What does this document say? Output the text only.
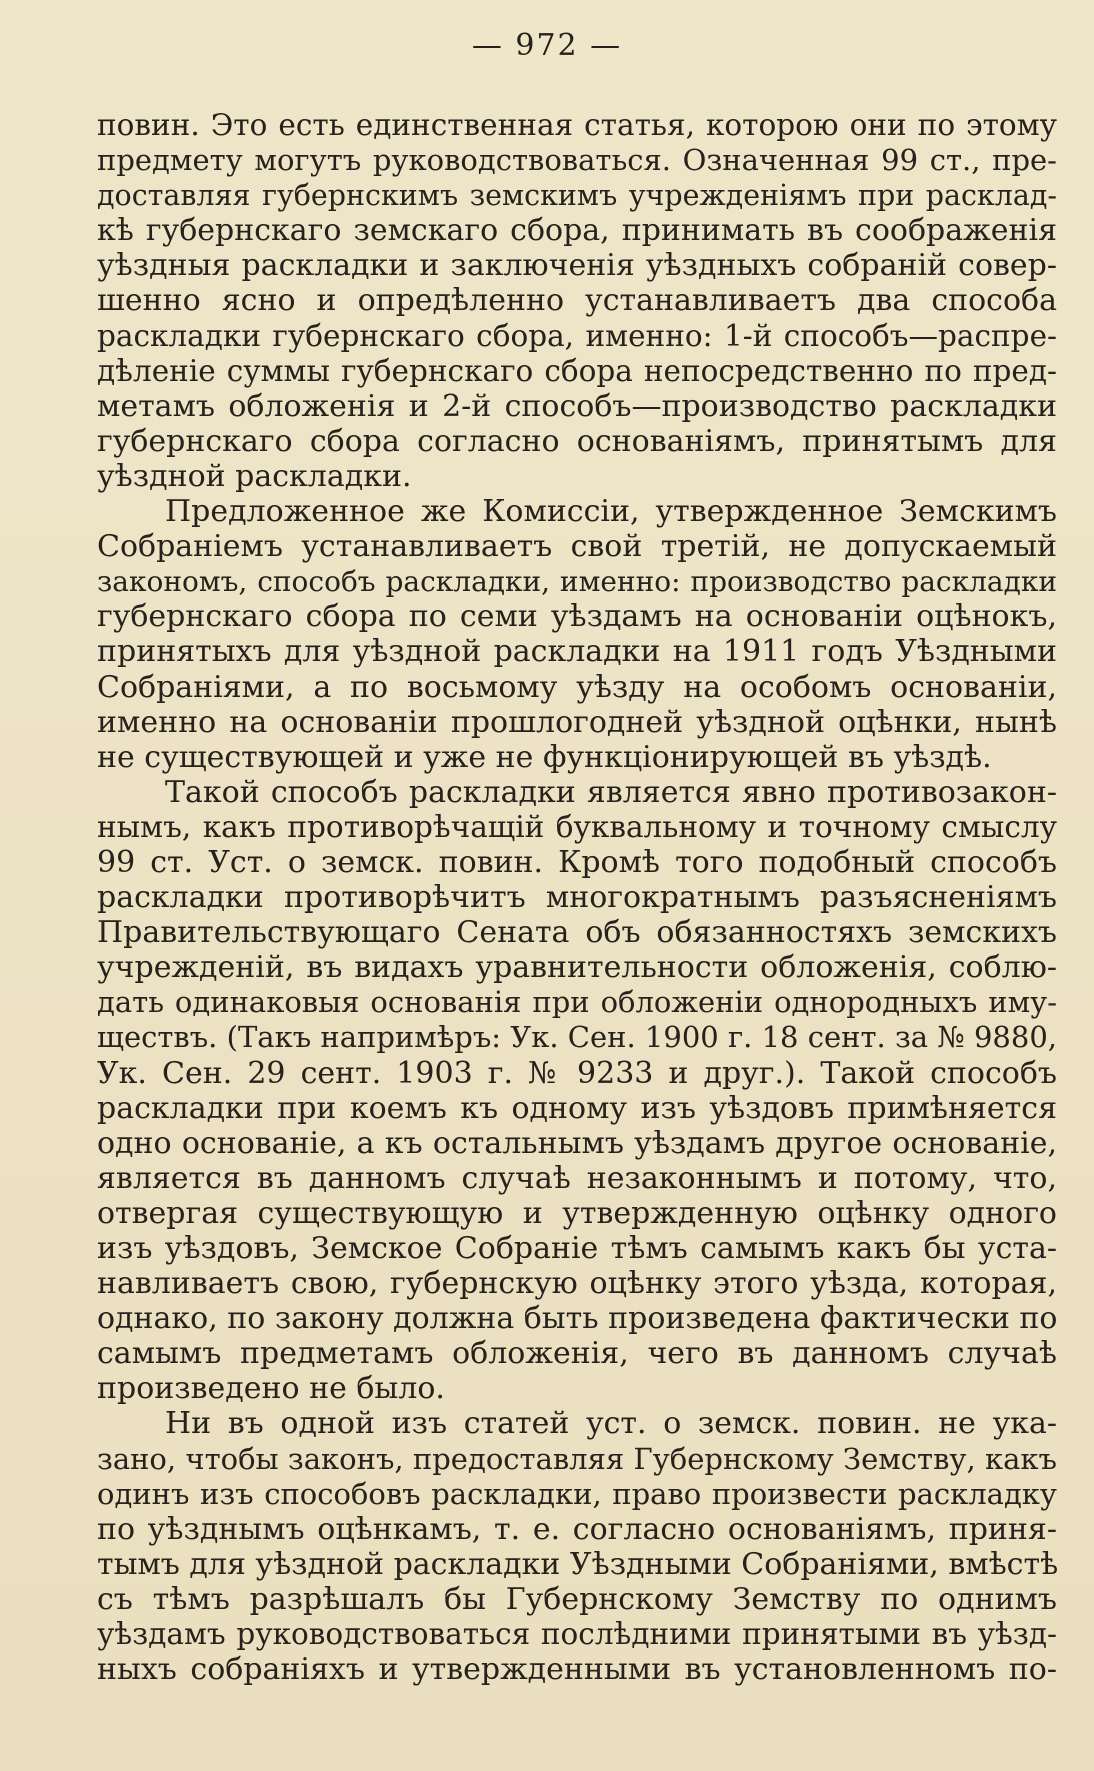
— 972 —
повин. Это есть единственная статья, которою они по этому
предмету могутъ руководствоваться. Означенная 99 ст., пре-
доставляя губернскимъ земскимъ учрежденiямъ при расклад-
кѣ губернскаго земскаго сбора, принимать въ соображенiя
уѣздныя раскладки и заключенiя уѣздныхъ собранiй совер-
шенно ясно и опредѣленно устанавливаетъ два способа
раскладки губернскаго сбора, именно: 1-й способъ—распре-
дѣленiе суммы губернскаго сбора непосредственно по пред-
метамъ обложенiя и 2-й способъ—производство раскладки
губернскаго сбора согласно основанiямъ, принятымъ для
уѣздной раскладки.
Предложенное же Комиссiи, утвержденное Земскимъ
Собранiемъ устанавливаетъ свой третiй, не допускаемый
закономъ, способъ раскладки, именно: производство раскладки
губернскаго сбора по семи уѣздамъ на основанiи оцѣнокъ,
принятыхъ для уѣздной раскладки на 1911 годъ Уѣздными
Собранiями, а по восьмому уѣзду на особомъ основанiи,
именно на основанiи прошлогодней уѣздной оцѣнки, нынѣ
не существующей и уже не функцiонирующей въ уѣздѣ.
Такой способъ раскладки является явно противозакон-
нымъ, какъ противорѣчащiй буквальному и точному смыслу
99 ст. Уст. о земск. повин. Кромѣ того подобный способъ
раскладки противорѣчитъ многократнымъ разъясненiямъ
Правительствующаго Сената объ обязанностяхъ земскихъ
учрежденiй, въ видахъ уравнительности обложенiя, соблю-
дать одинаковыя основанiя при обложенiи однородныхъ иму-
ществъ. (Такъ напримѣръ: Ук. Сен. 1900 г. 18 сент. за № 9880,
Ук. Сен. 29 сент. 1903 г. № 9233 и друг.). Такой способъ
раскладки при коемъ къ одному изъ уѣздовъ примѣняется
одно основанiе, а къ остальнымъ уѣздамъ другое основанiе,
является въ данномъ случаѣ незаконнымъ и потому, что,
отвергая существующую и утвержденную оцѣнку одного
изъ уѣздовъ, Земское Собранiе тѣмъ самымъ какъ бы уста-
навливаетъ свою, губернскую оцѣнку этого уѣзда, которая,
однако, по закону должна быть произведена фактически по
самымъ предметамъ обложенiя, чего въ данномъ случаѣ
произведено не было.
Ни въ одной изъ статей уст. о земск. повин. не ука-
зано, чтобы законъ, предоставляя Губернскому Земству, какъ
одинъ изъ способовъ раскладки, право произвести раскладку
по уѣзднымъ оцѣнкамъ, т. е. согласно основанiямъ, приня-
тымъ для уѣздной раскладки Уѣздными Собранiями, вмѣстѣ
съ тѣмъ разрѣшалъ бы Губернскому Земству по однимъ
уѣздамъ руководствоваться послѣдними принятыми въ уѣзд-
ныхъ собранiяхъ и утвержденными въ установленномъ по-
